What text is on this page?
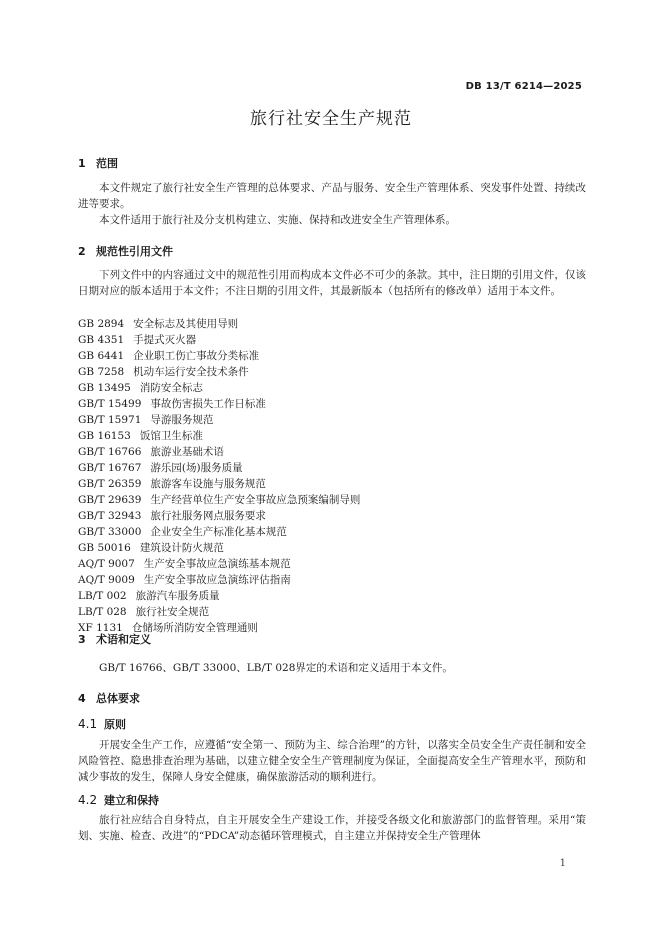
DB 13/T 6214—2025
旅行社安全生产规范
1 范围
本文件规定了旅行社安全生产管理的总体要求、产品与服务、安全生产管理体系、突发事件处置、持续改进等要求。
本文件适用于旅行社及分支机构建立、实施、保持和改进安全生产管理体系。
2 规范性引用文件
下列文件中的内容通过文中的规范性引用而构成本文件必不可少的条款。其中，注日期的引用文件，仅该日期对应的版本适用于本文件；不注日期的引用文件，其最新版本（包括所有的修改单）适用于本文件。
GB 2894 安全标志及其使用导则
GB 4351 手提式灭火器
GB 6441 企业职工伤亡事故分类标准
GB 7258 机动车运行安全技术条件
GB 13495 消防安全标志
GB/T 15499 事故伤害损失工作日标准
GB/T 15971 导游服务规范
GB 16153 饭馆卫生标准
GB/T 16766 旅游业基础术语
GB/T 16767 游乐园(场)服务质量
GB/T 26359 旅游客车设施与服务规范
GB/T 29639 生产经营单位生产安全事故应急预案编制导则
GB/T 32943 旅行社服务网点服务要求
GB/T 33000 企业安全生产标准化基本规范
GB 50016 建筑设计防火规范
AQ/T 9007 生产安全事故应急演练基本规范
AQ/T 9009 生产安全事故应急演练评估指南
LB/T 002 旅游汽车服务质量
LB/T 028 旅行社安全规范
XF 1131 仓储场所消防安全管理通则
3 术语和定义
GB/T 16766、GB/T 33000、LB/T 028界定的术语和定义适用于本文件。
4 总体要求
4.1 原则
开展安全生产工作，应遵循“安全第一、预防为主、综合治理”的方针，以落实全员安全生产责任制和安全风险管控、隐患排查治理为基础，以建立健全安全生产管理制度为保证，全面提高安全生产管理水平，预防和减少事故的发生，保障人身安全健康，确保旅游活动的顺利进行。
4.2 建立和保持
旅行社应结合自身特点，自主开展安全生产建设工作，并接受各级文化和旅游部门的监督管理。采用“策划、实施、检查、改进”的“PDCA”动态循环管理模式，自主建立并保持安全生产管理体
1
